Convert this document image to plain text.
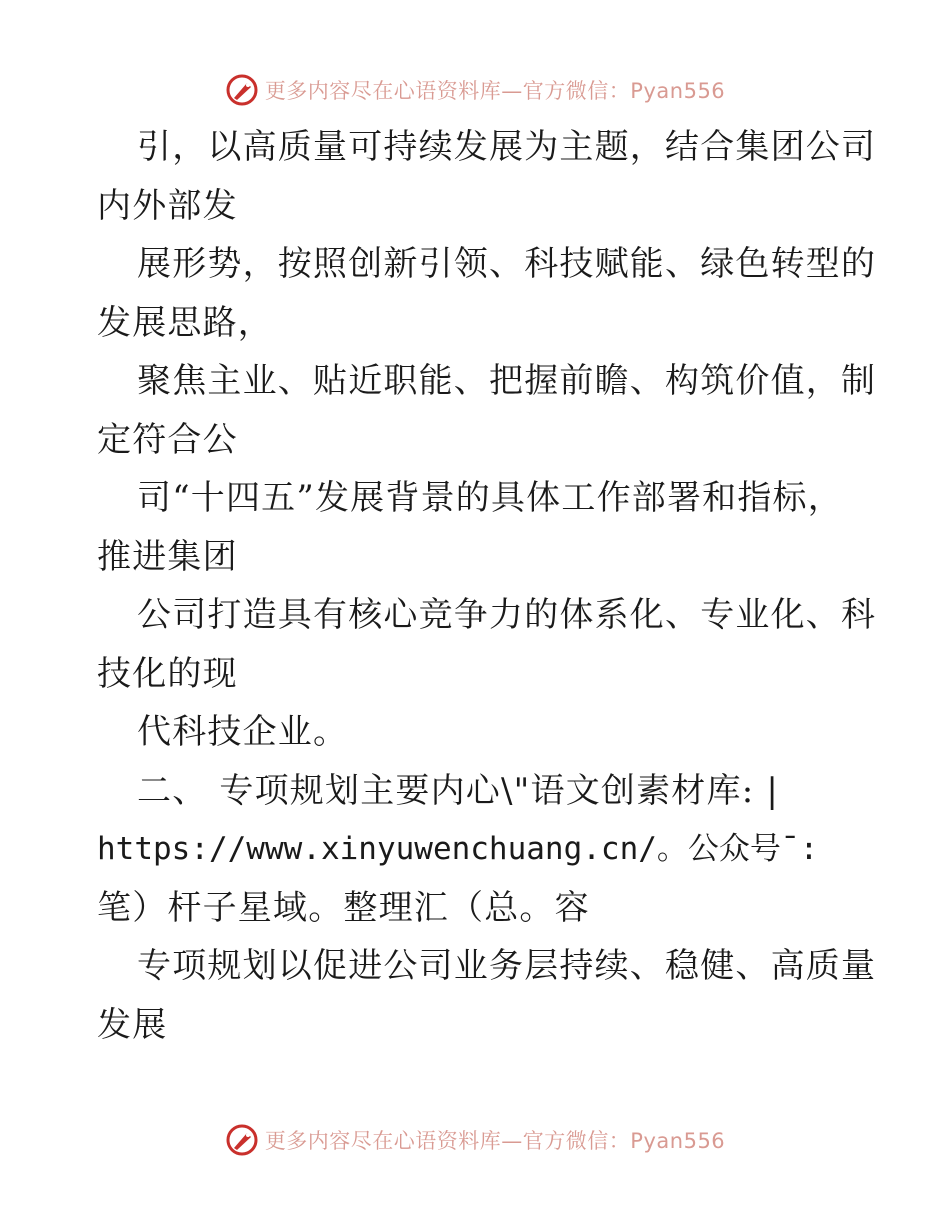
更多内容尽在心语资料库—官方微信：Pyan556
引，以高质量可持续发展为主题，结合集团公司
内外部发
展形势，按照创新引领、科技赋能、绿色转型的
发展思路，
聚焦主业、贴近职能、把握前瞻、构筑价值，制
定符合公
司“十四五”发展背景的具体工作部署和指标，
推进集团
公司打造具有核心竞争力的体系化、专业化、科
技化的现
代科技企业。
二、 专项规划主要内心\"语文创素材库: |
https://www.xinyuwenchuang.cn/。公众号¯:
笔）杆子星域。整理汇（总。容
专项规划以促进公司业务层持续、稳健、高质量
发展
更多内容尽在心语资料库—官方微信：Pyan556
